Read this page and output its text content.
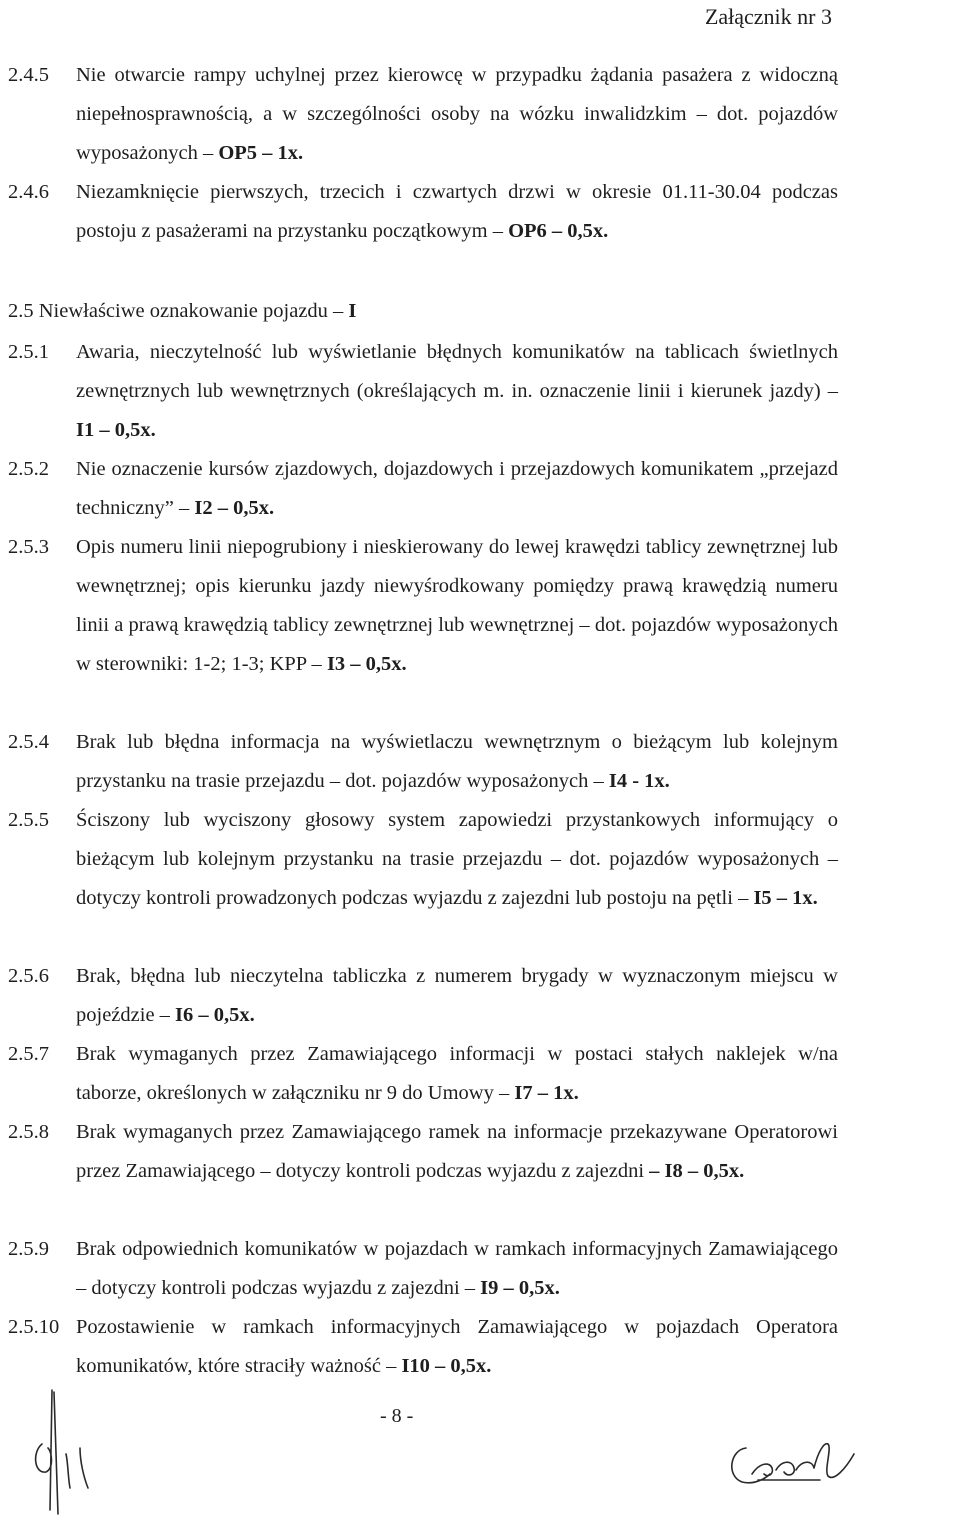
Załącznik nr 3
2.4.5	Nie otwarcie rampy uchylnej przez kierowcę w przypadku żądania pasażera z widoczną niepełnosprawnością, a w szczególności osoby na wózku inwalidzkim – dot. pojazdów wyposażonych – OP5 – 1x.
2.4.6	Niezamknięcie pierwszych, trzecich i czwartych drzwi w okresie 01.11-30.04 podczas postoju z pasażerami na przystanku początkowym – OP6 – 0,5x.
2.5 Niewłaściwe oznakowanie pojazdu – I
2.5.1	Awaria, nieczytelność lub wyświetlanie błędnych komunikatów na tablicach świetlnych zewnętrznych lub wewnętrznych (określających m. in. oznaczenie linii i kierunek jazdy) – I1 – 0,5x.
2.5.2	Nie oznaczenie kursów zjazdowych, dojazdowych i przejazdowych komunikatem „przejazd techniczny” – I2 – 0,5x.
2.5.3	Opis numeru linii niepogrubiony i nieskierowany do lewej krawędzi tablicy zewnętrznej lub wewnętrznej; opis kierunku jazdy niewyśrodkowany pomiędzy prawą krawędzią numeru linii a prawą krawędzią tablicy zewnętrznej lub wewnętrznej – dot. pojazdów wyposażonych w sterowniki: 1-2; 1-3; KPP – I3 – 0,5x.
2.5.4	Brak lub błędna informacja na wyświetlaczu wewnętrznym o bieżącym lub kolejnym przystanku na trasie przejazdu – dot. pojazdów wyposażonych – I4 - 1x.
2.5.5	Ściszony lub wyciszony głosowy system zapowiedzi przystankowych informujący o bieżącym lub kolejnym przystanku na trasie przejazdu – dot. pojazdów wyposażonych – dotyczy kontroli prowadzonych podczas wyjazdu z zajezdni lub postoju na pętli – I5 – 1x.
2.5.6	Brak, błędna lub nieczytelna tabliczka z numerem brygady w wyznaczonym miejscu w pojeździe – I6 – 0,5x.
2.5.7	Brak wymaganych przez Zamawiającego informacji w postaci stałych naklejek w/na taborze, określonych w załączniku nr 9 do Umowy – I7 – 1x.
2.5.8	Brak wymaganych przez Zamawiającego ramek na informacje przekazywane Operatorowi przez Zamawiającego – dotyczy kontroli podczas wyjazdu z zajezdni – I8 – 0,5x.
2.5.9	Brak odpowiednich komunikatów w pojazdach w ramkach informacyjnych Zamawiającego – dotyczy kontroli podczas wyjazdu z zajezdni – I9 – 0,5x.
2.5.10 Pozostawienie w ramkach informacyjnych Zamawiającego w pojazdach Operatora komunikatów, które straciły ważność – I10 – 0,5x.
- 8 -
